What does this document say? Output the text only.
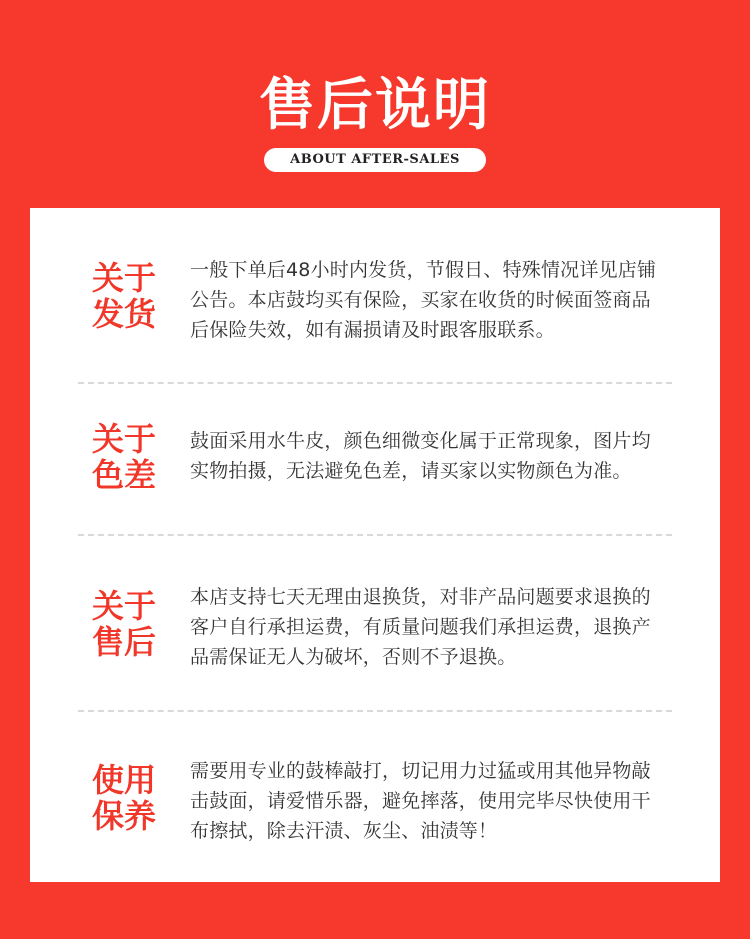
售后说明
ABOUT AFTER-SALES
关于
发货
一般下单后48小时内发货，节假日、特殊情况详见店铺公告。本店鼓均买有保险，买家在收货的时候面签商品后保险失效，如有漏损请及时跟客服联系。
关于
色差
鼓面采用水牛皮，颜色细微变化属于正常现象，图片均实物拍摄，无法避免色差，请买家以实物颜色为准。
关于
售后
本店支持七天无理由退换货，对非产品问题要求退换的客户自行承担运费，有质量问题我们承担运费，退换产品需保证无人为破坏，否则不予退换。
使用
保养
需要用专业的鼓棒敲打，切记用力过猛或用其他异物敲击鼓面，请爱惜乐器，避免摔落，使用完毕尽快使用干布擦拭，除去汗渍、灰尘、油渍等！
